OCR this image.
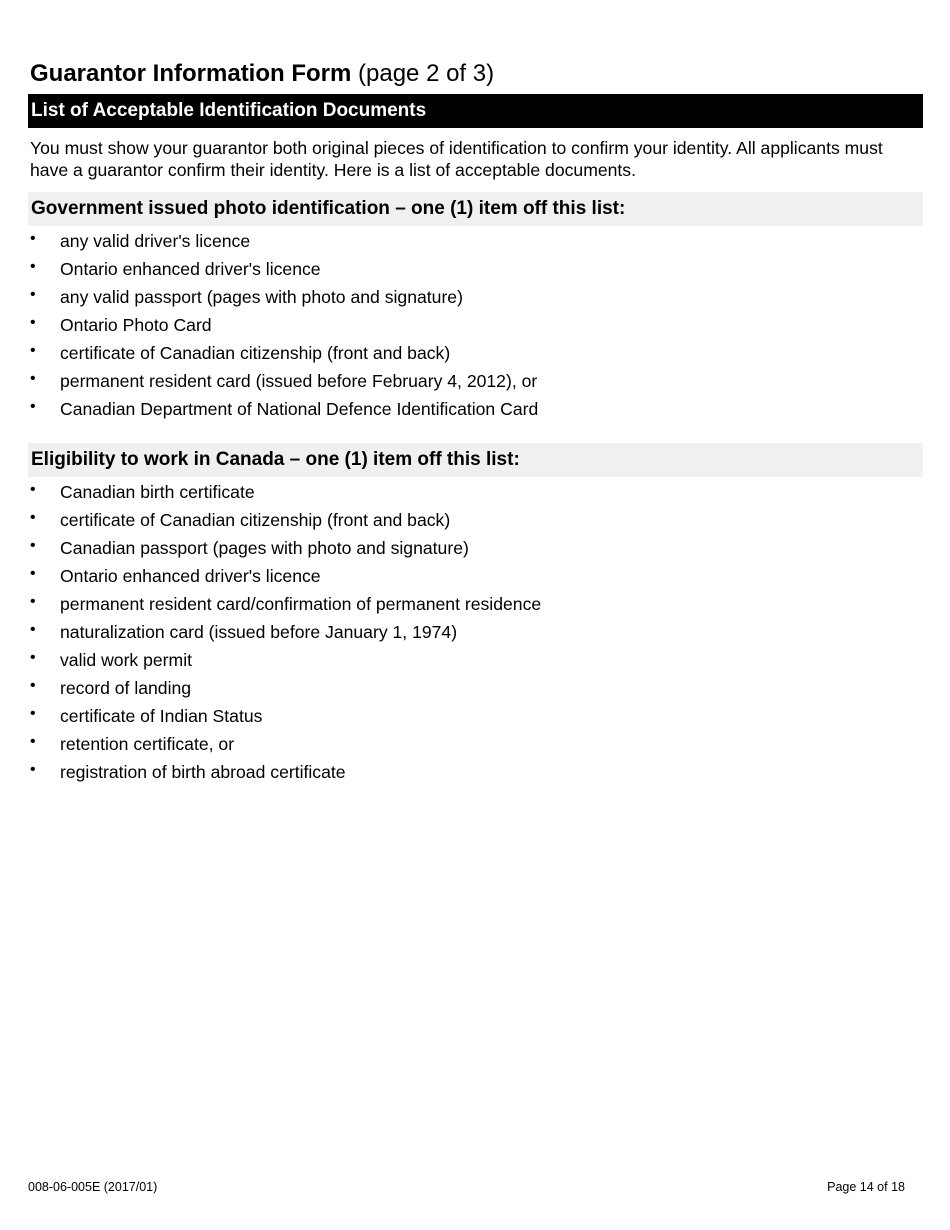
Guarantor Information Form (page 2 of 3)
List of Acceptable Identification Documents

You must show your guarantor both original pieces of identification to confirm your identity. All applicants must have a guarantor confirm their identity. Here is a list of acceptable documents.

Government issued photo identification – one (1) item off this list:
• any valid driver's licence
• Ontario enhanced driver's licence
• any valid passport (pages with photo and signature)
• Ontario Photo Card
• certificate of Canadian citizenship (front and back)
• permanent resident card (issued before February 4, 2012), or
• Canadian Department of National Defence Identification Card
Eligibility to work in Canada – one (1) item off this list:
• Canadian birth certificate
• certificate of Canadian citizenship (front and back)
• Canadian passport (pages with photo and signature)
• Ontario enhanced driver's licence
• permanent resident card/confirmation of permanent residence
• naturalization card (issued before January 1, 1974)
• valid work permit
• record of landing
• certificate of Indian Status
• retention certificate, or
• registration of birth abroad certificate
008-06-005E (2017/01)	Page 14 of 18
